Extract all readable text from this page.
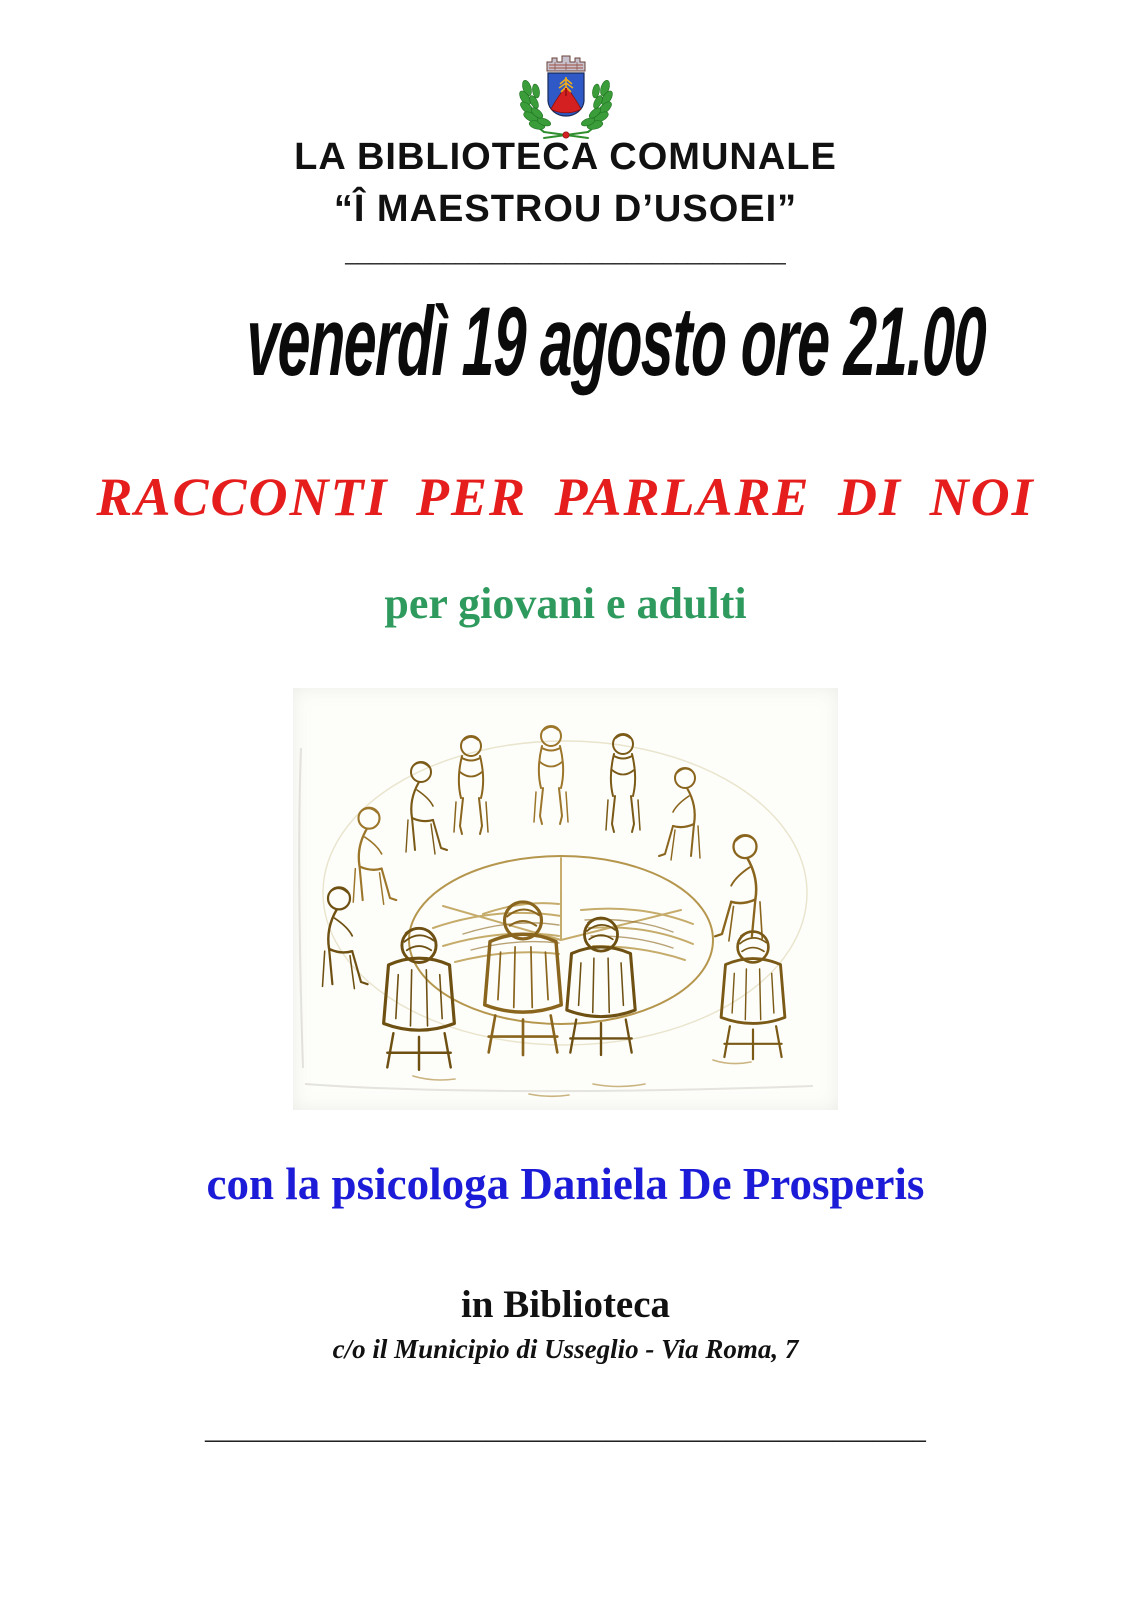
LA BIBLIOTECA COMUNALE
“Î MAESTROU D’USOEI”
____________________________________
venerdì 19 agosto ore 21.00
RACCONTI PER PARLARE DI NOI
per giovani e adulti
con la psicologa Daniela De Prosperis
in Biblioteca
c/o il Municipio di Usseglio - Via Roma, 7
______________________________________________________
